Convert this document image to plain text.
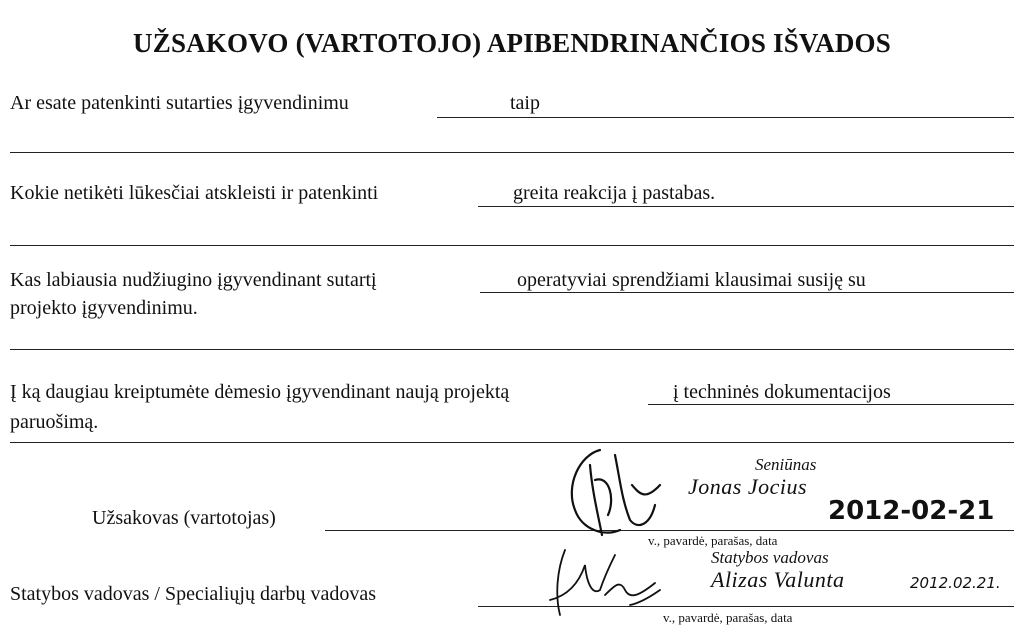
UŽSAKOVO (VARTOTOJO) APIBENDRINANČIOS IŠVADOS
Ar esate patenkinti sutarties įgyvendinimu	taip
Kokie netikėti lūkesčiai atskleisti ir patenkinti	greita reakcija į pastabas.
Kas labiausia nudžiugino įgyvendinant sutartį	operatyviai sprendžiami klausimai susiję su
projekto įgyvendinimu.
Į ką daugiau kreiptumėte dėmesio įgyvendinant naują projektą	į techninės dokumentacijos
paruošimą.
Užsakovas (vartotojas)
Seniūnas
Jonas Jocius
2012-02-21
v., pavardė, parašas, data
Statybos vadovas / Specialiųjų darbų vadovas
Statybos vadovas
Alizas Valunta	2012.02.21.
v., pavardė, parašas, data
